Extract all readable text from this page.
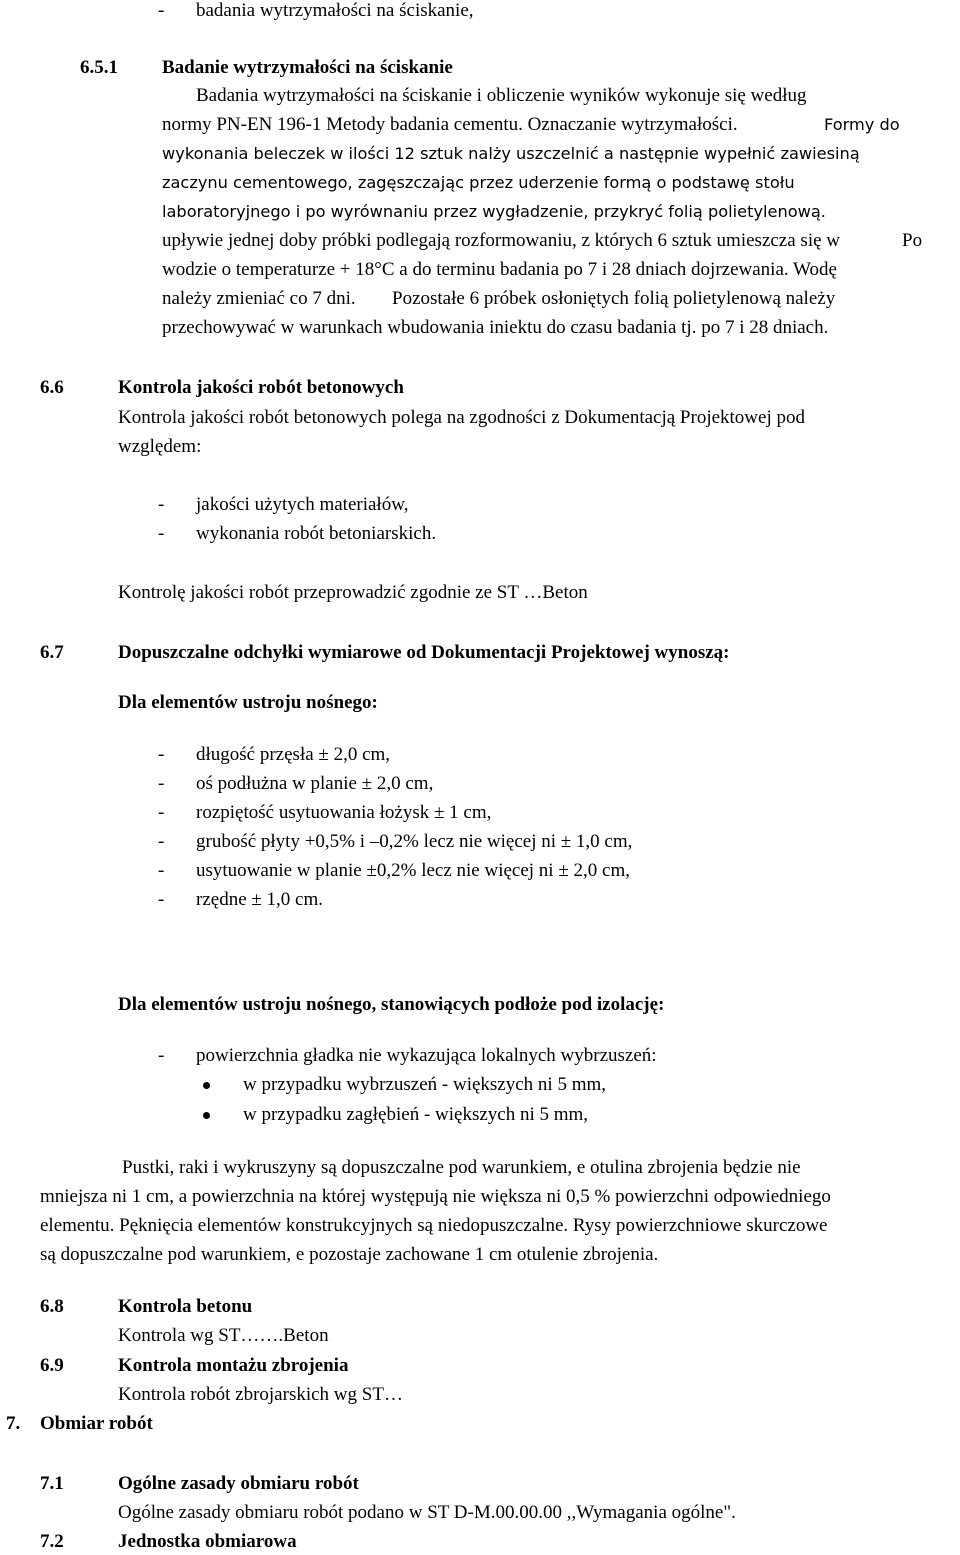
- badania wytrzymałości na ściskanie,
6.5.1 Badanie wytrzymałości na ściskanie
Badania wytrzymałości na ściskanie i obliczenie wyników wykonuje się według
normy PN-EN 196-1 Metody badania cementu. Oznaczanie wytrzymałości.	Formy do
wykonania beleczek w ilości 12 sztuk nalży uszczelnić a następnie wypełnić zawiesiną
zaczynu cementowego, zagęszczając przez uderzenie formą o podstawę stołu
laboratoryjnego i po wyrównaniu przez wygładzenie, przykryć folią polietylenową.
Po
upływie jednej doby próbki podlegają rozformowaniu, z których 6 sztuk umieszcza się w
wodzie o temperaturze + 18°C a do terminu badania po 7 i 28 dniach dojrzewania. Wodę
należy zmieniać co 7 dni. Pozostałe 6 próbek osłoniętych folią polietylenową należy
przechowywać w warunkach wbudowania iniektu do czasu badania tj. po 7 i 28 dniach.
6.6	Kontrola jakości robót betonowych
Kontrola jakości robót betonowych polega na zgodności z Dokumentacją Projektowej pod
względem:
- jakości użytych materiałów,
- wykonania robót betoniarskich.
Kontrolę jakości robót przeprowadzić zgodnie ze ST …Beton
6.7	Dopuszczalne odchyłki wymiarowe od Dokumentacji Projektowej wynoszą:
Dla elementów ustroju nośnego:
- długość przęsła ± 2,0 cm,
- oś podłużna w planie ± 2,0 cm,
- rozpiętość usytuowania łożysk ± 1 cm,
- grubość płyty +0,5% i –0,2% lecz nie więcej ni ± 1,0 cm,
- usytuowanie w planie ±0,2% lecz nie więcej ni ± 2,0 cm,
- rzędne ± 1,0 cm.
Dla elementów ustroju nośnego, stanowiących podłoże pod izolację:
- powierzchnia gładka nie wykazująca lokalnych wybrzuszeń:
w przypadku wybrzuszeń - większych ni 5 mm,
w przypadku zagłębień - większych ni 5 mm,
Pustki, raki i wykruszyny są dopuszczalne pod warunkiem, e otulina zbrojenia będzie nie
mniejsza ni 1 cm, a powierzchnia na której występują nie większa ni 0,5 % powierzchni odpowiedniego
elementu. Pęknięcia elementów konstrukcyjnych są niedopuszczalne. Rysy powierzchniowe skurczowe
są dopuszczalne pod warunkiem, e pozostaje zachowane 1 cm otulenie zbrojenia.
6.8	Kontrola betonu
Kontrola wg ST…….Beton
6.9	Kontrola montażu zbrojenia
Kontrola robót zbrojarskich wg ST…
7. Obmiar robót
7.1	Ogólne zasady obmiaru robót
Ogólne zasady obmiaru robót podano w ST D-M.00.00.00 ,,Wymagania ogólne".
7.2	Jednostka obmiarowa
